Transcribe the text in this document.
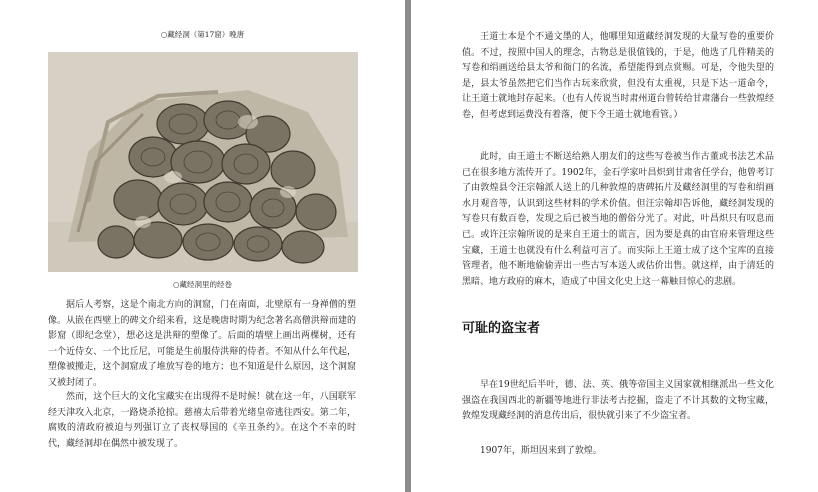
○藏经洞（第17窟）晚唐
○藏经洞里的经卷

据后人考察，这是个南北方向的洞窟，门在南面，北壁原有一身禅僧的塑像。从嵌在西壁上的碑文介绍来看，这是晚唐时期为纪念著名高僧洪辩而建的影窟（即纪念堂），想必这是洪辩的塑像了。后面的墙壁上画出两棵树，还有一个近侍女、一个比丘尼，可能是生前服侍洪辩的侍者。不知从什么年代起，塑像被搬走，这个洞窟成了堆放写卷的地方；也不知道是什么原因，这个洞窟又被封闭了。

然而，这个巨大的文化宝藏实在出现得不是时候！就在这一年，八国联军经天津攻入北京，一路烧杀抢掠。慈禧太后带着光绪皇帝逃往西安。第二年，腐败的清政府被迫与列强订立了丧权辱国的《辛丑条约》。在这个不幸的时代，藏经洞却在偶然中被发现了。

王道士本是个不通文墨的人，他哪里知道藏经洞发现的大量写卷的重要价值。不过，按照中国人的理念，古物总是很值钱的，于是，他选了几件精美的写卷和绢画送给县太爷和衙门的名流，希望能得到点赏赐。可是，令他失望的是，县太爷虽然把它们当作古玩来欣赏，但没有太重视，只是下达一道命令，让王道士就地封存起来。（也有人传说当时肃州道台曾转给甘肃藩台一些敦煌经卷，但考虑到运费没有着落，便下令王道士就地看管。）

此时，由王道士不断送给熟人朋友们的这些写卷被当作古董或书法艺术品已在很多地方流传开了。1902年，金石学家叶昌炽到甘肃省任学台，他曾考订了由敦煌县令汪宗翰派人送上的几种敦煌的唐碑拓片及藏经洞里的写卷和绢画水月观音等，认识到这些材料的学术价值。但汪宗翰却告诉他，藏经洞发现的写卷只有数百卷，发现之后已被当地的僧俗分光了。对此，叶昌炽只有叹息而已。或许汪宗翰所说的是来自王道士的谎言，因为要是真的由官府来管理这些宝藏，王道士也就没有什么利益可言了。而实际上王道士成了这个宝库的直接管理者，他不断地偷偷弄出一些古写本送人或估价出售。就这样，由于清廷的黑暗、地方政府的麻木，造成了中国文化史上这一幕触目惊心的悲剧。

可耻的盗宝者

早在19世纪后半叶，德、法、英、俄等帝国主义国家就相继派出一些文化强盗在我国西北的新疆等地进行非法考古挖掘，盗走了不计其数的文物宝藏，敦煌发现藏经洞的消息传出后，很快就引来了不少盗宝者。

1907年，斯坦因来到了敦煌。
